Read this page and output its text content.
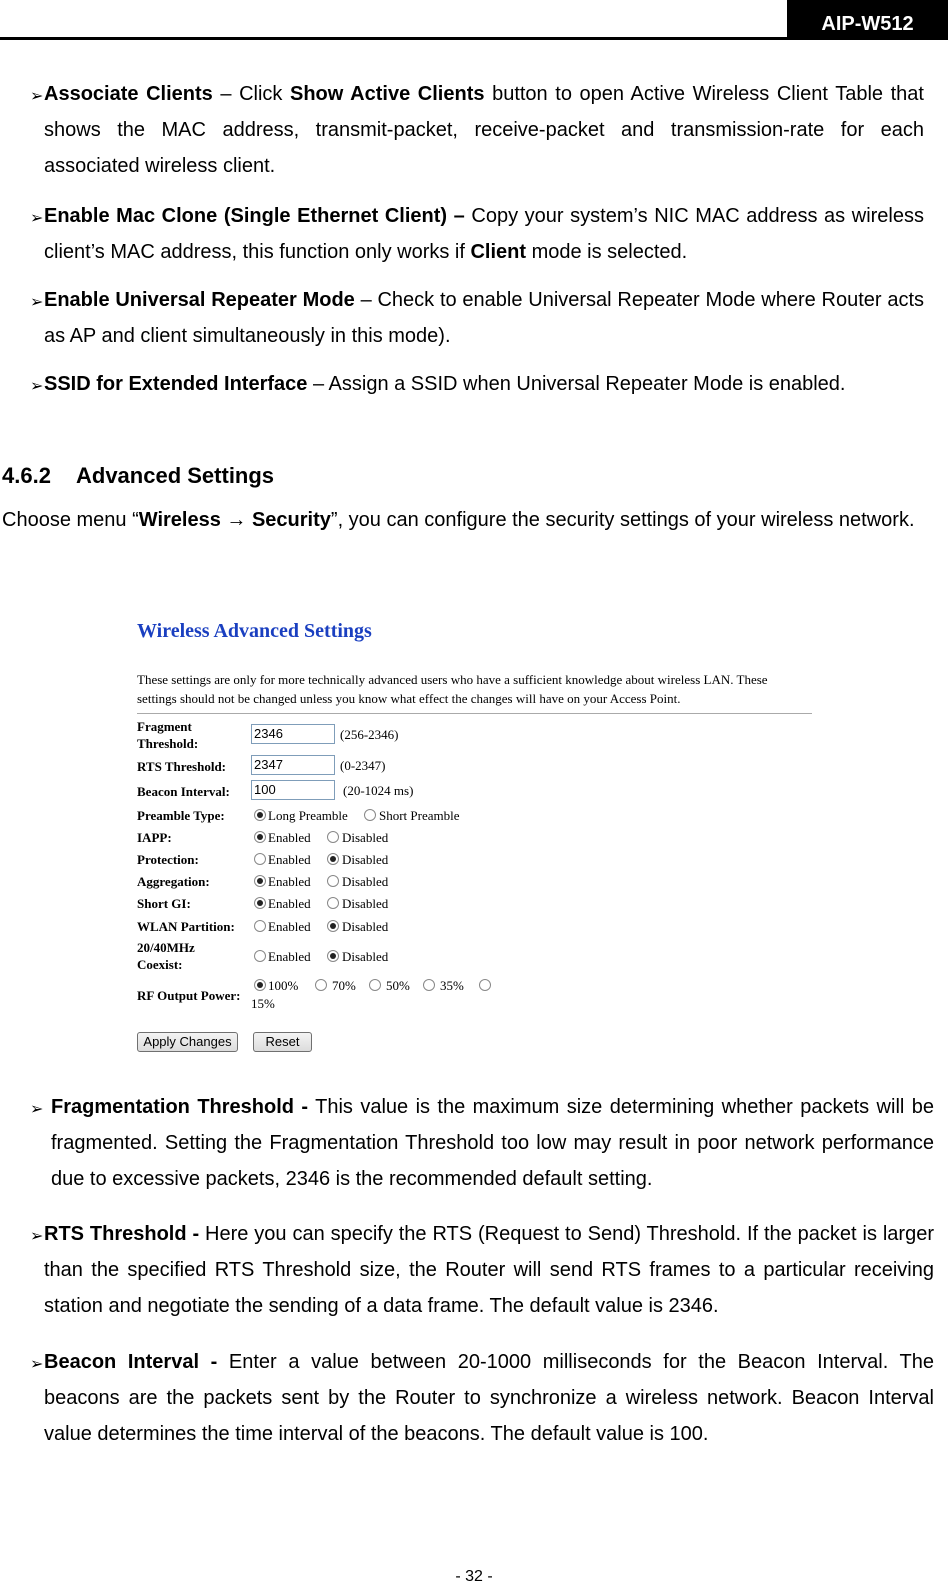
AIP-W512
➢ Associate Clients – Click Show Active Clients button to open Active Wireless Client Table that shows the MAC address, transmit-packet, receive-packet and transmission-rate for each associated wireless client.
➢ Enable Mac Clone (Single Ethernet Client) – Copy your system’s NIC MAC address as wireless client’s MAC address, this function only works if Client mode is selected.
➢ Enable Universal Repeater Mode – Check to enable Universal Repeater Mode where Router acts as AP and client simultaneously in this mode).
➢ SSID for Extended Interface – Assign a SSID when Universal Repeater Mode is enabled.
4.6.2 Advanced Settings
Choose menu “Wireless → Security”, you can configure the security settings of your wireless network.
Wireless Advanced Settings
These settings are only for more technically advanced users who have a sufficient knowledge about wireless LAN. These settings should not be changed unless you know what effect the changes will have on your Access Point.
Fragment
Threshold:
2346	(256-2346)
RTS Threshold: 2347	(0-2347)
Beacon Interval: 100	(20-1024 ms)
Preamble Type:	Long Preamble Short Preamble
IAPP:	Enabled Disabled
Protection:	Enabled Disabled
Aggregation:	Enabled Disabled
Short GI:	Enabled Disabled
WLAN Partition:	Enabled Disabled
20/40MHz
Coexist:
Enabled Disabled
RF Output Power:
100%	70% 50% 35%
15%
Apply Changes	Reset
➢ Fragmentation Threshold - This value is the maximum size determining whether packets will be fragmented. Setting the Fragmentation Threshold too low may result in poor network performance due to excessive packets, 2346 is the recommended default setting.
➢ RTS Threshold - Here you can specify the RTS (Request to Send) Threshold. If the packet is larger than the specified RTS Threshold size, the Router will send RTS frames to a particular receiving station and negotiate the sending of a data frame. The default value is 2346.
➢ Beacon Interval - Enter a value between 20-1000 milliseconds for the Beacon Interval. The beacons are the packets sent by the Router to synchronize a wireless network. Beacon Interval value determines the time interval of the beacons. The default value is 100.
- 32 -
